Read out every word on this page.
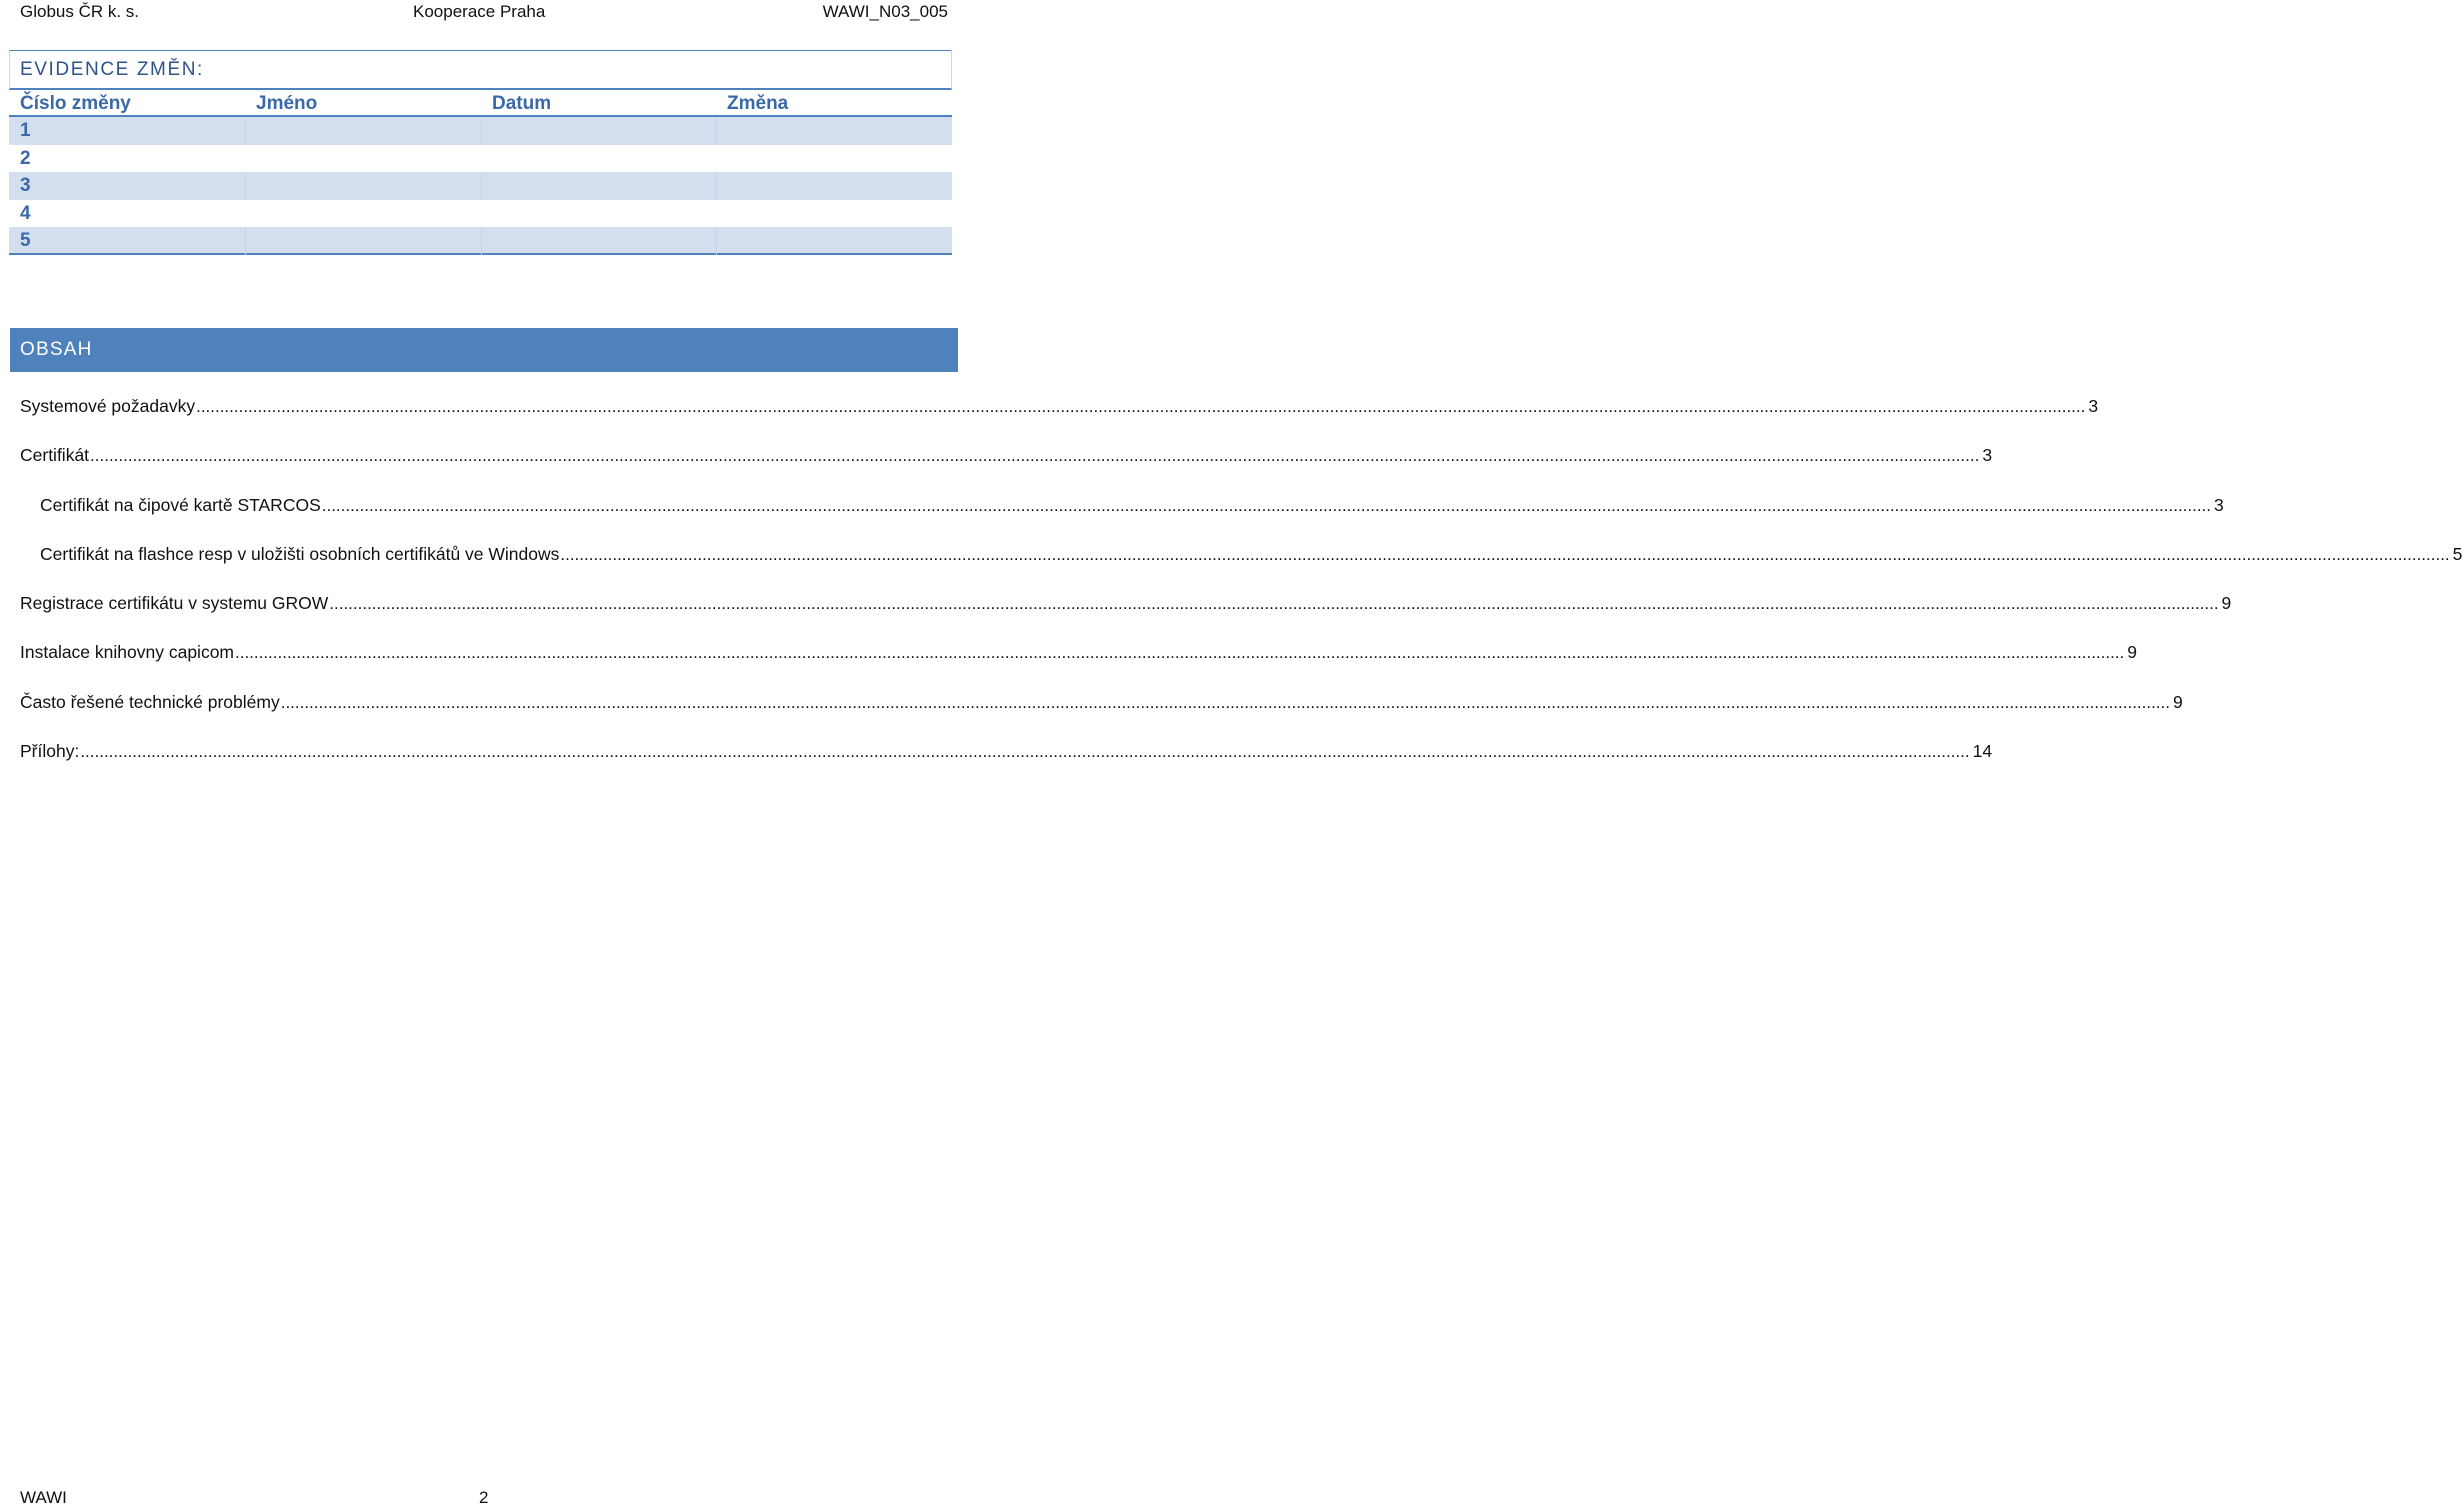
Globus ČR k. s.	Kooperace Praha	WAWI_N03_005
EVIDENCE ZMĚN:
Číslo změny	Jméno	Datum	Změna
1
2
3
4
5
OBSAH
Systemové požadavky ................................................................................................................................................................................................................................................................................................................................................................................................................ 3
Certifikát ................................................................................................................................................................................................................................................................................................................................................................................................................ 3
Certifikát na čipové kartě STARCOS ................................................................................................................................................................................................................................................................................................................................................................................................................ 3
Certifikát na flashce resp v uložišti osobních certifikátů ve Windows ................................................................................................................................................................................................................................................................................................................................................................................................................ 5
Registrace certifikátu v systemu GROW ................................................................................................................................................................................................................................................................................................................................................................................................................ 9
Instalace knihovny capicom ................................................................................................................................................................................................................................................................................................................................................................................................................ 9
Často řešené technické problémy ................................................................................................................................................................................................................................................................................................................................................................................................................ 9
Přílohy: ................................................................................................................................................................................................................................................................................................................................................................................................................ 14
WAWI	2
